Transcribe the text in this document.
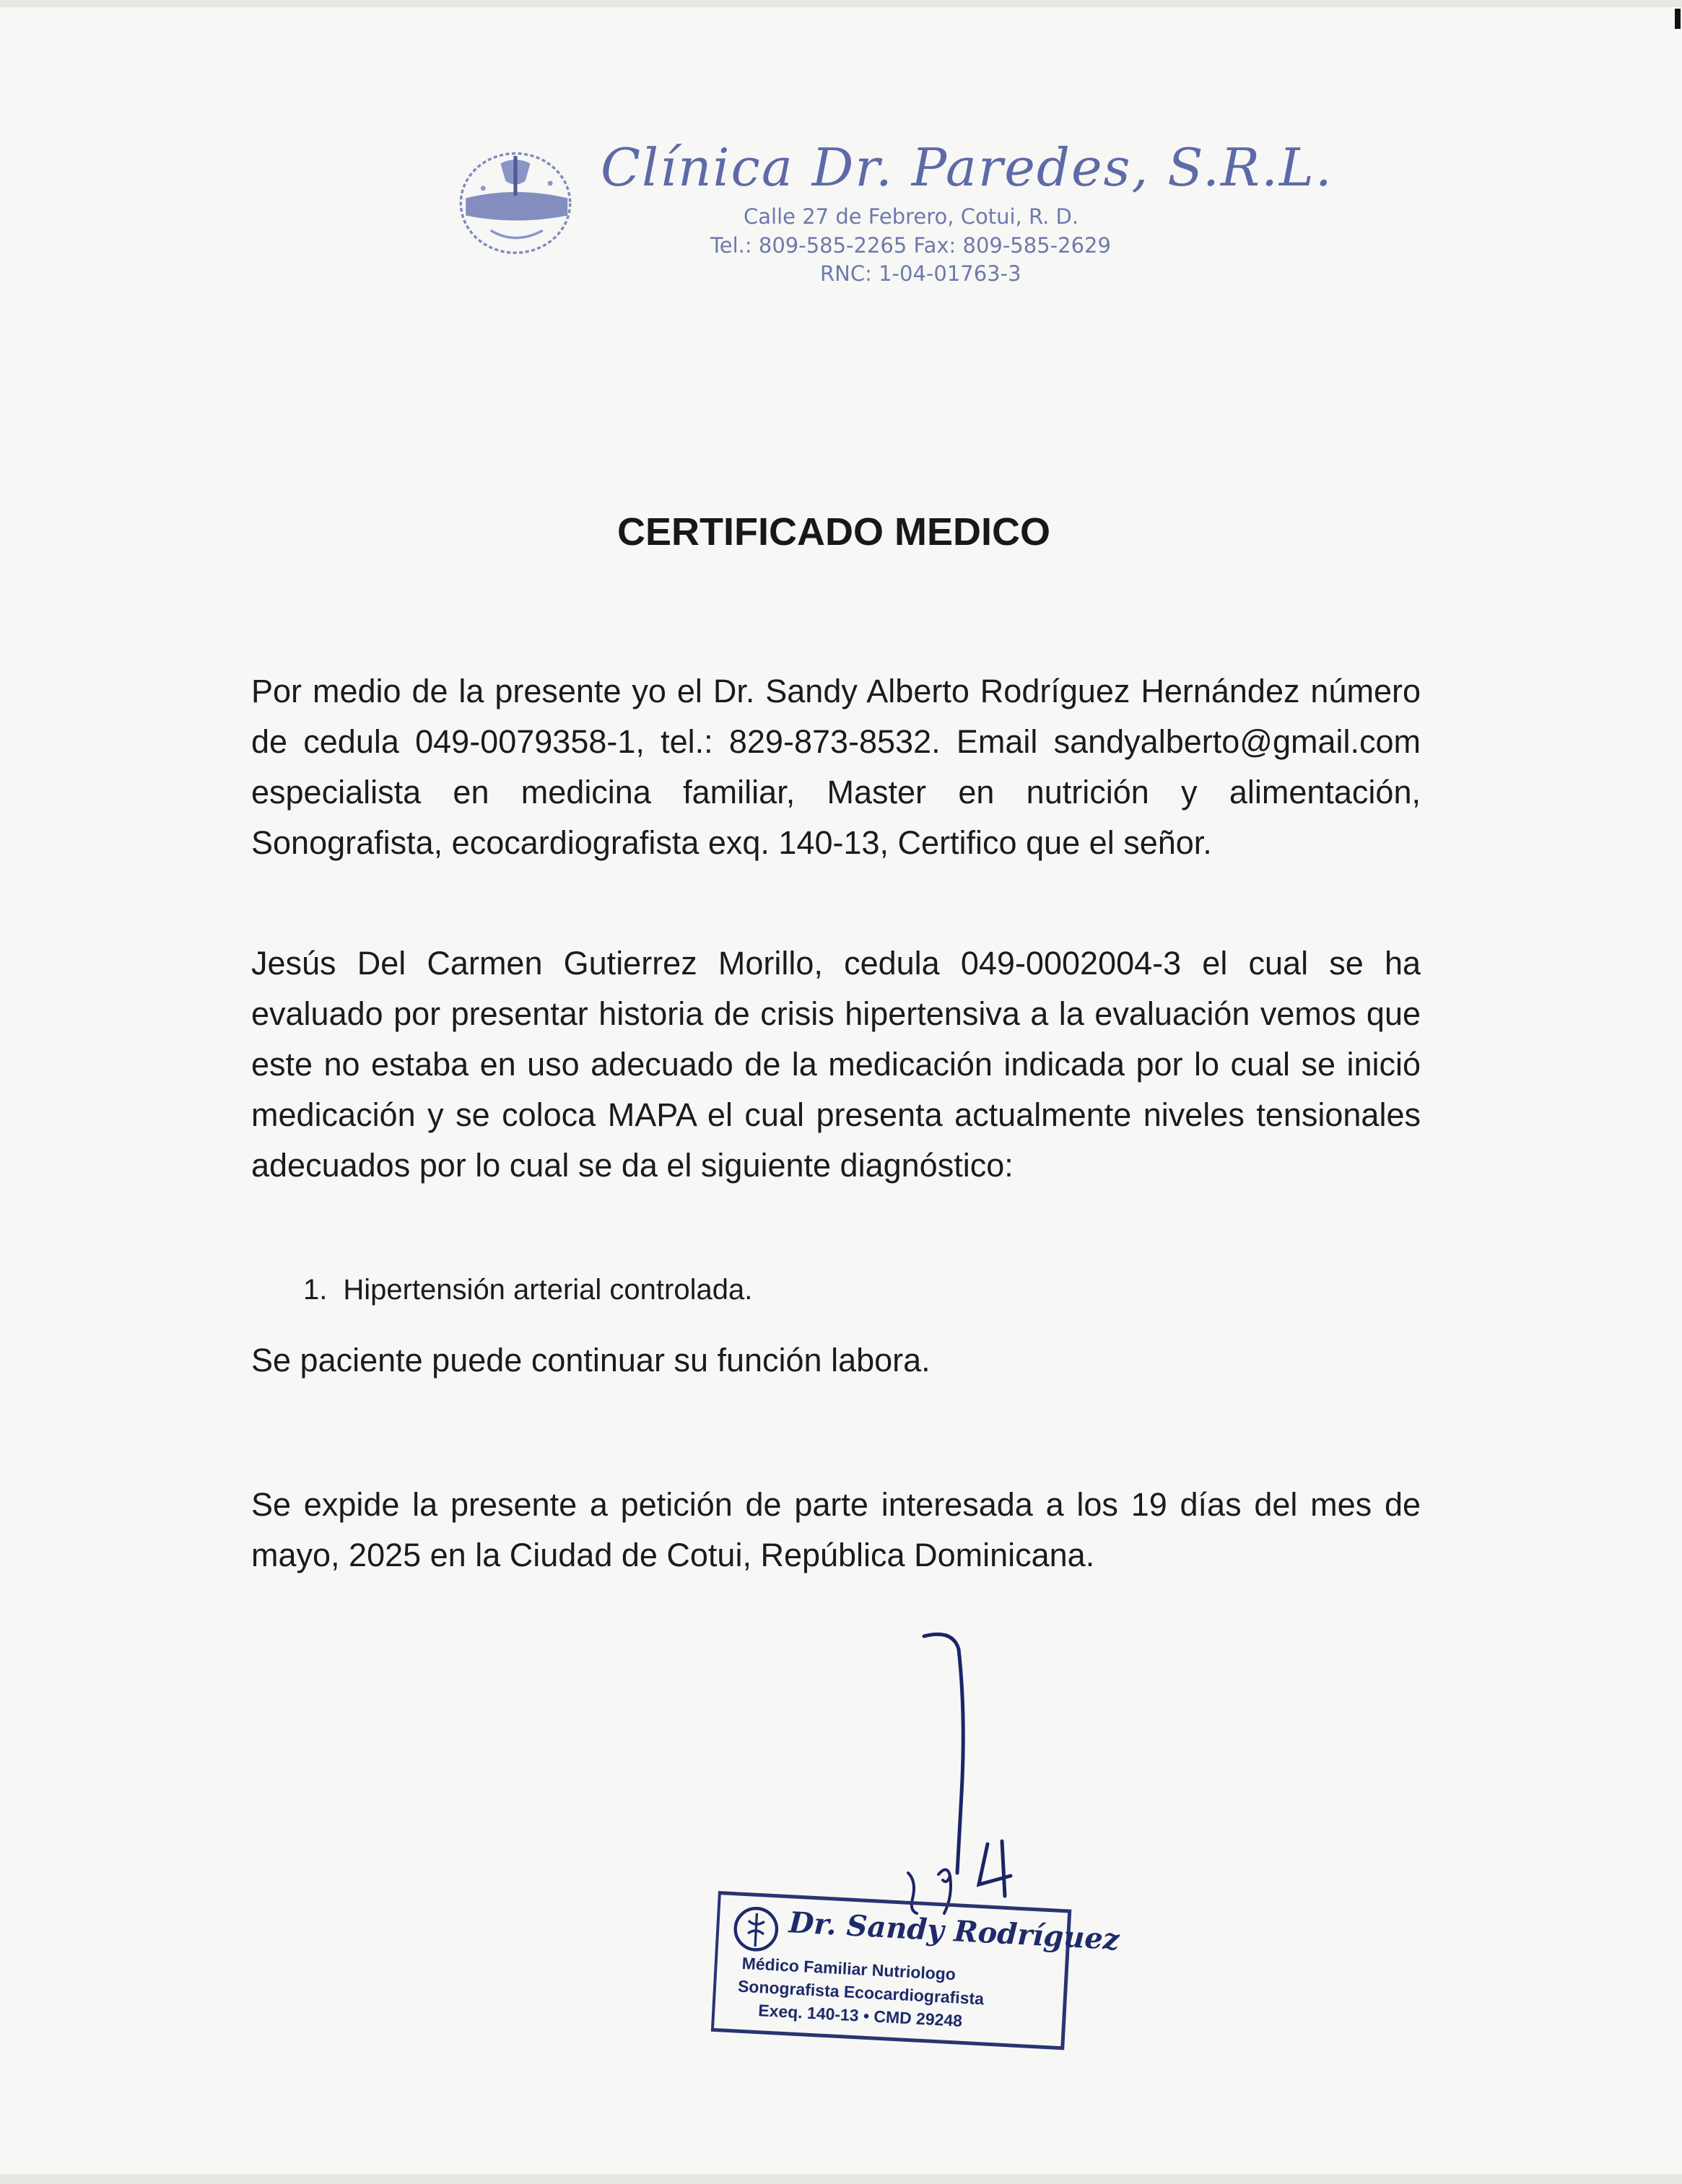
Clínica Dr. Paredes, S.R.L.
Calle 27 de Febrero, Cotui, R. D.
Tel.: 809-585-2265 Fax: 809-585-2629
RNC: 1-04-01763-3
CERTIFICADO MEDICO

Por medio de la presente yo el Dr. Sandy Alberto Rodríguez Hernández número de cedula 049-0079358-1, tel.: 829-873-8532. Email sandyalberto@gmail.com especialista en medicina familiar, Master en nutrición y alimentación, Sonografista, ecocardiografista exq. 140-13, Certifico que el señor.

Jesús Del Carmen Gutierrez Morillo, cedula 049-0002004-3 el cual se ha evaluado por presentar historia de crisis hipertensiva a la evaluación vemos que este no estaba en uso adecuado de la medicación indicada por lo cual se inició medicación y se coloca MAPA el cual presenta actualmente niveles tensionales adecuados por lo cual se da el siguiente diagnóstico:

1. Hipertensión arterial controlada.

Se paciente puede continuar su función labora.

Se expide la presente a petición de parte interesada a los 19 días del mes de mayo, 2025 en la Ciudad de Cotui, República Dominicana.

Dr. Sandy Rodríguez
Médico Familiar Nutriologo
Sonografista Ecocardiografista
Exeq. 140-13 • CMD 29248
